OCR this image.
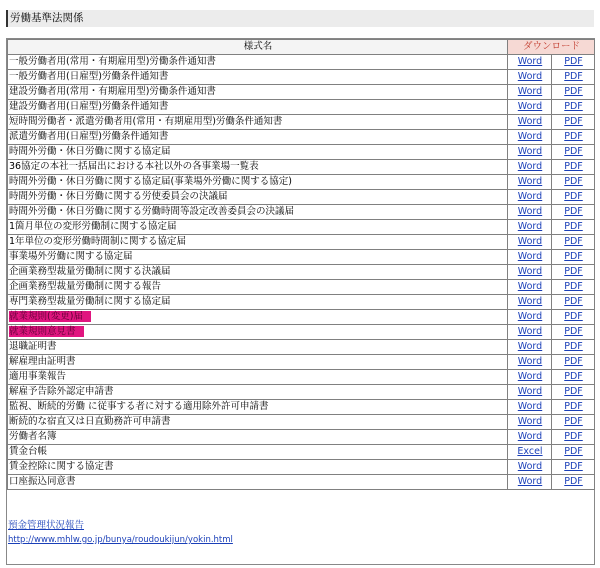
労働基準法関係
様式名	ダウンロード	
一般労働者用(常用・有期雇用型)労働条件通知書	Word	PDF
一般労働者用(日雇型)労働条件通知書	Word	PDF
建設労働者用(常用・有期雇用型)労働条件通知書	Word	PDF
建設労働者用(日雇型)労働条件通知書	Word	PDF
短時間労働者・派遣労働者用(常用・有期雇用型)労働条件通知書	Word	PDF
派遣労働者用(日雇型)労働条件通知書	Word	PDF
時間外労働・休日労働に関する協定届	Word	PDF
36協定の本社一括届出における本社以外の各事業場一覧表	Word	PDF
時間外労働・休日労働に関する協定届(事業場外労働に関する協定)	Word	PDF
時間外労働・休日労働に関する労使委員会の決議届	Word	PDF
時間外労働・休日労働に関する労働時間等設定改善委員会の決議届	Word	PDF
1箇月単位の変形労働制に関する協定届	Word	PDF
1年単位の変形労働時間制に関する協定届	Word	PDF
事業場外労働に関する協定届	Word	PDF
企画業務型裁量労働制に関する決議届	Word	PDF
企画業務型裁量労働制に関する報告	Word	PDF
専門業務型裁量労働制に関する協定届	Word	PDF
就業規則(変更)届	Word	PDF
就業規則意見書	Word	PDF
退職証明書	Word	PDF
解雇理由証明書	Word	PDF
適用事業報告	Word	PDF
解雇予告除外認定申請書	Word	PDF
監視、断続的労働 に従事する者に対する適用除外許可申請書	Word	PDF
断続的な宿直又は日直勤務許可申請書	Word	PDF
労働者名簿	Word	PDF
賃金台帳	Excel	PDF
賃金控除に関する協定書	Word	PDF
口座振込同意書	Word	PDF
預金管理状況報告
http://www.mhlw.go.jp/bunya/roudoukijun/yokin.html
